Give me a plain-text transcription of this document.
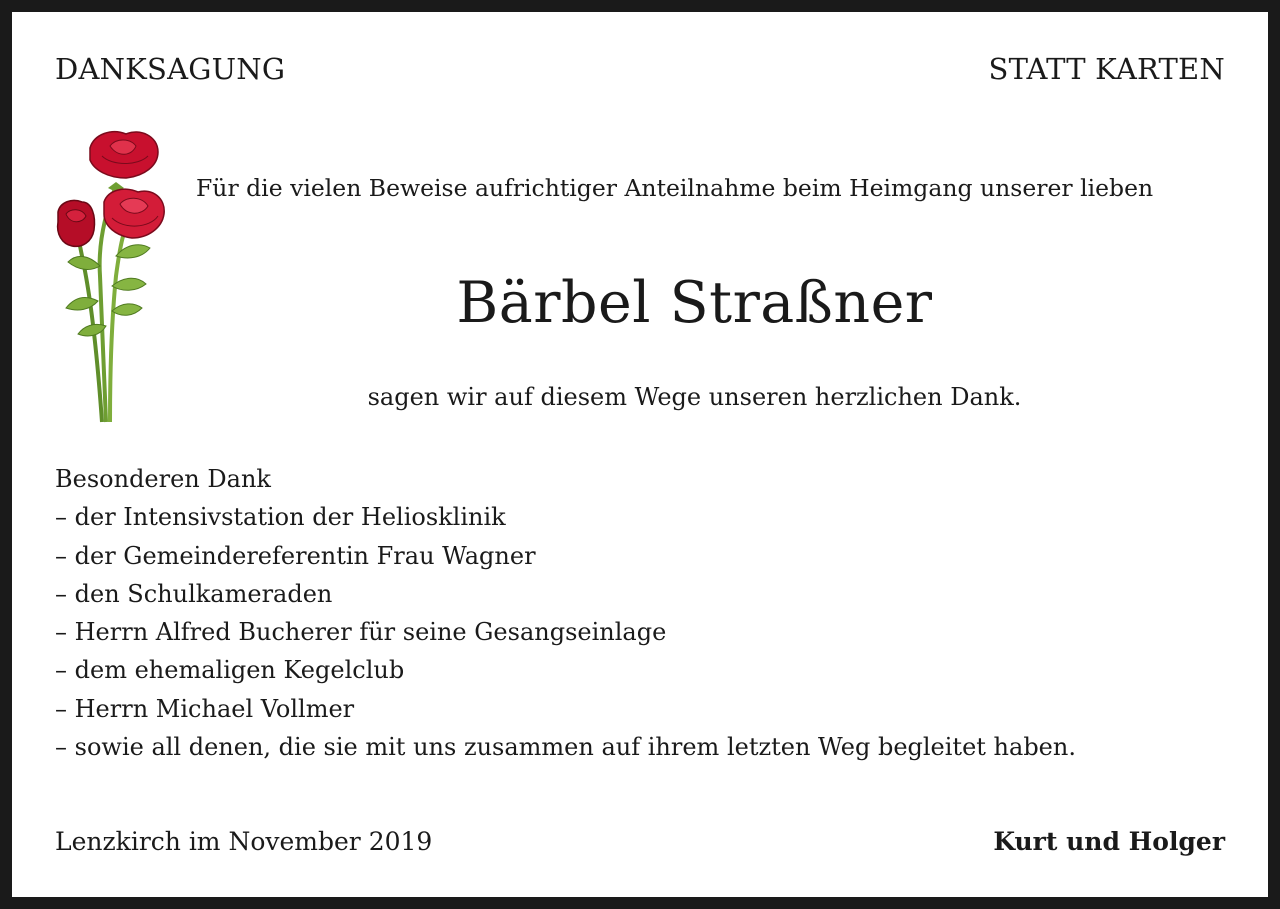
DANKSAGUNG	STATT KARTEN
Für die vielen Beweise aufrichtiger Anteilnahme beim Heimgang unserer lieben
Bärbel Straßner
sagen wir auf diesem Wege unseren herzlichen Dank.
Besonderen Dank
– der Intensivstation der Heliosklinik
– der Gemeindereferentin Frau Wagner
– den Schulkameraden
– Herrn Alfred Bucherer für seine Gesangseinlage
– dem ehemaligen Kegelclub
– Herrn Michael Vollmer
– sowie all denen, die sie mit uns zusammen auf ihrem letzten Weg begleitet haben.
Lenzkirch im November 2019	Kurt und Holger
